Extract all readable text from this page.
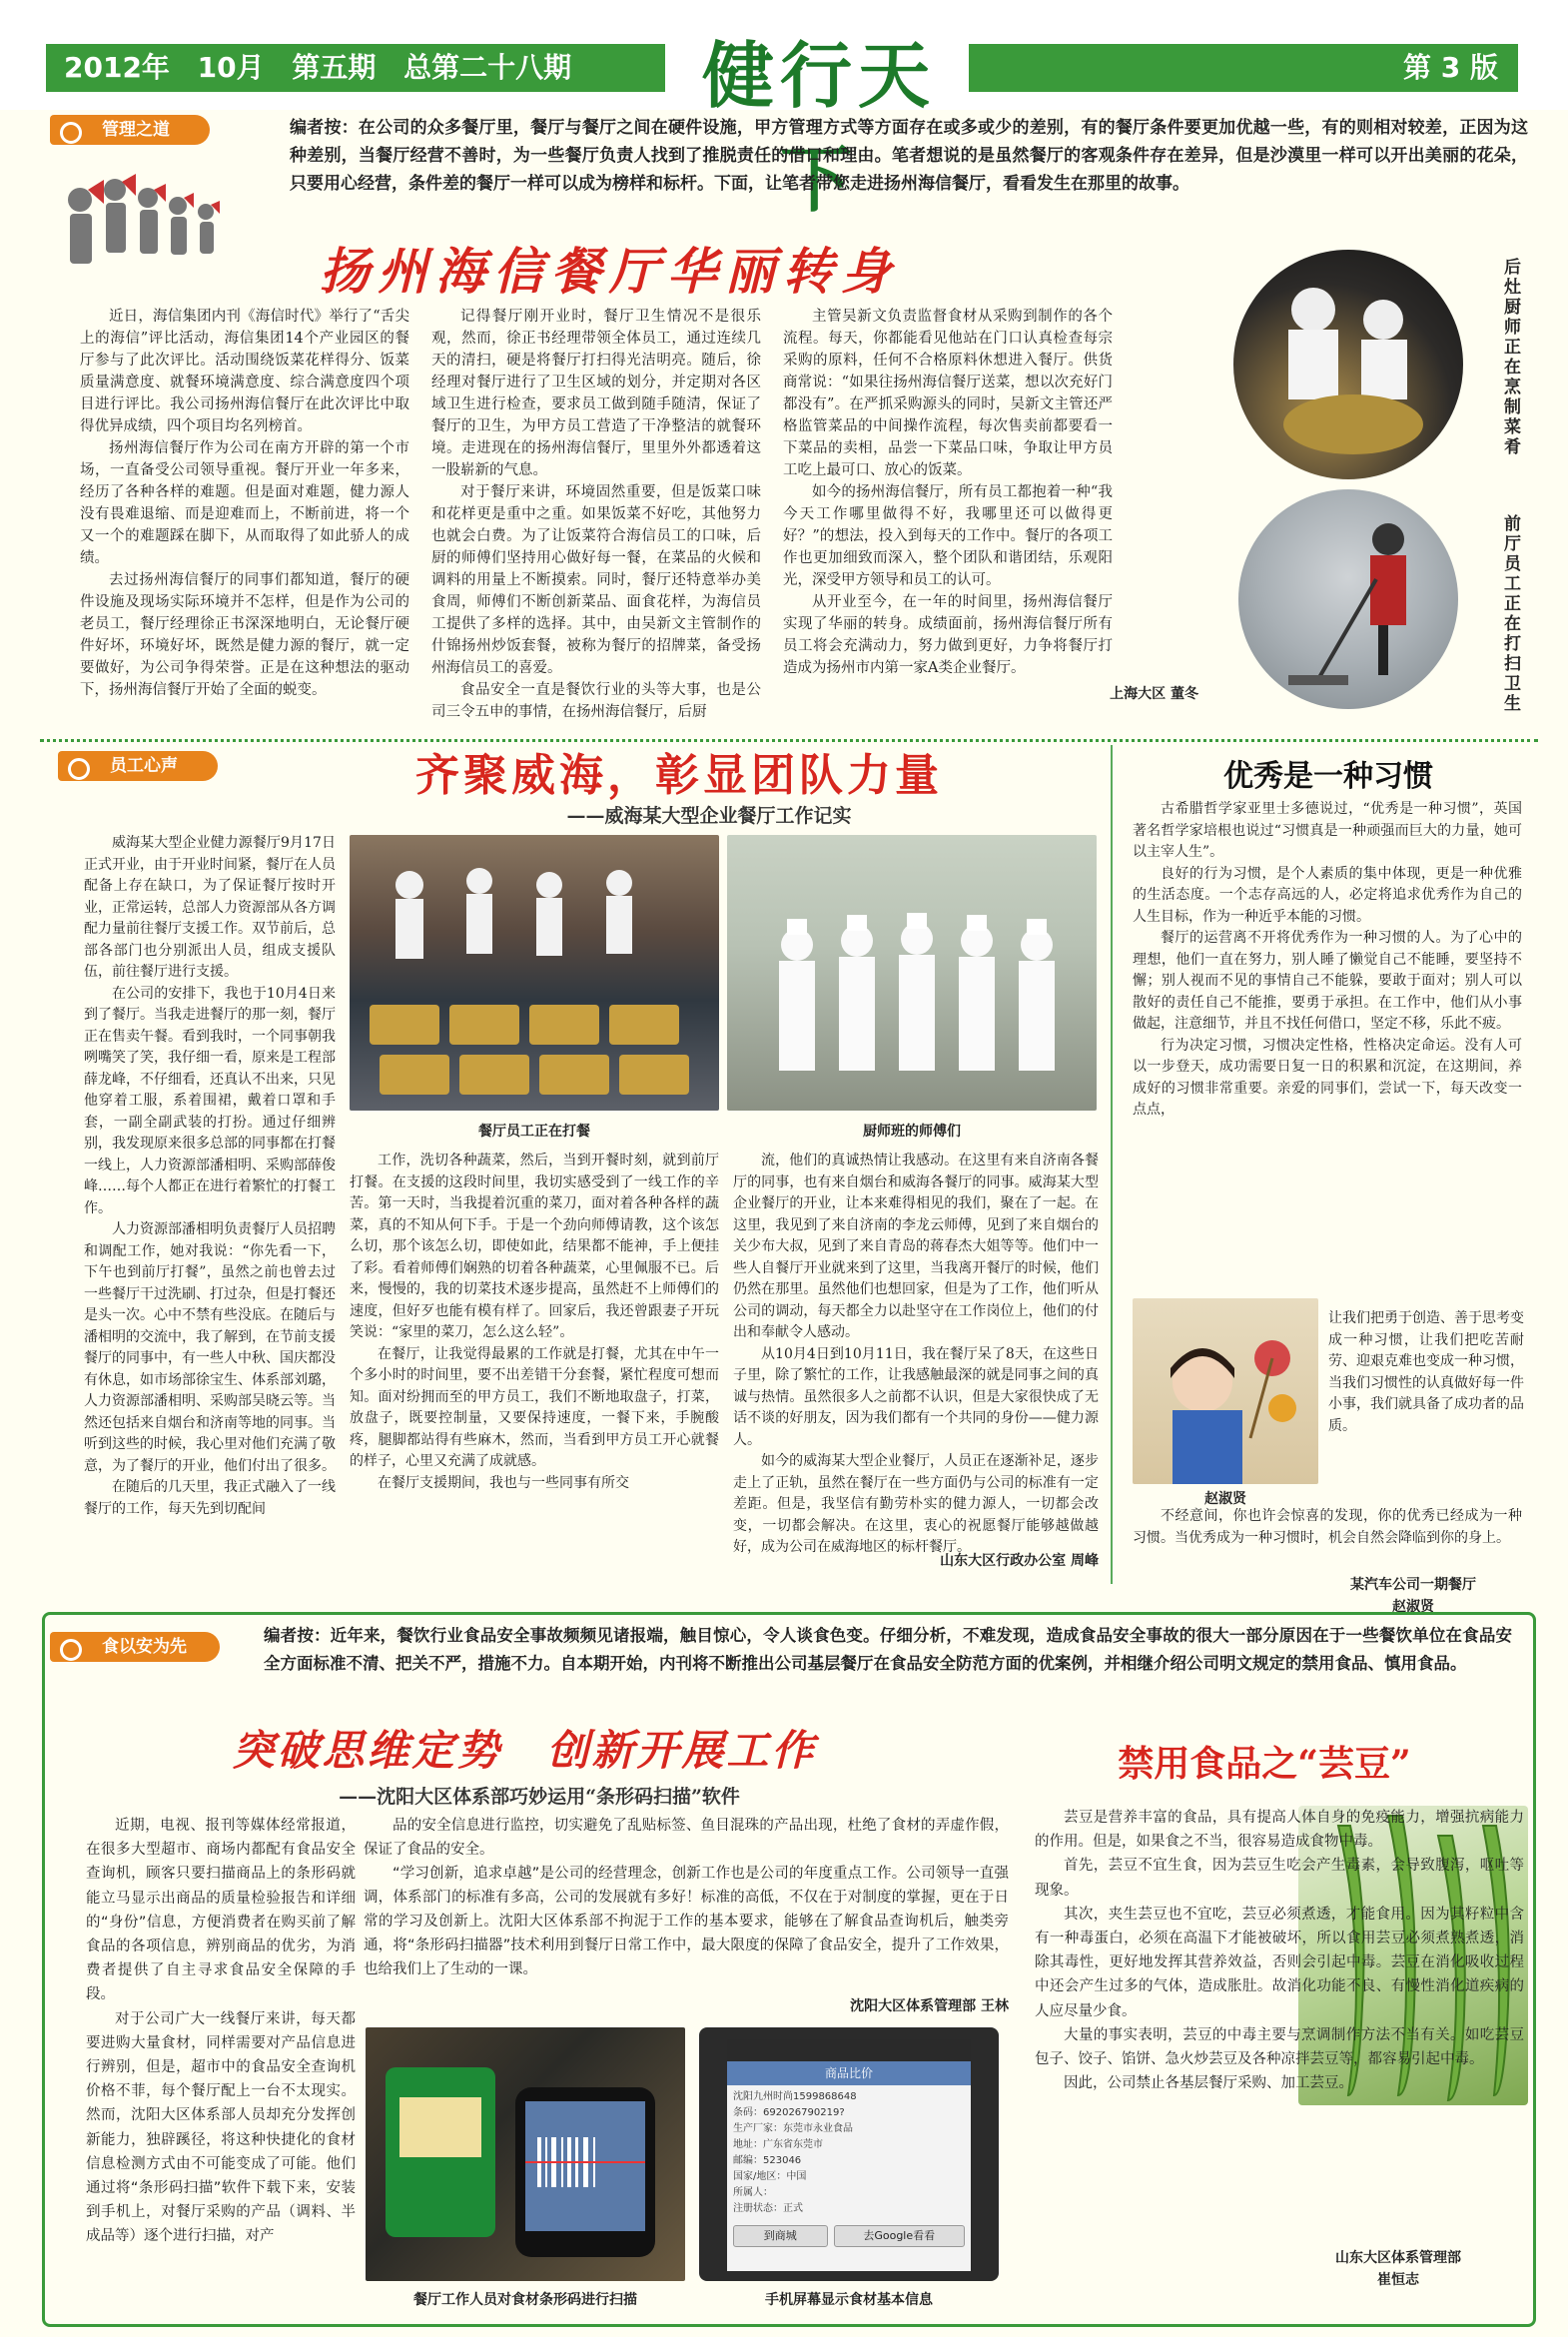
2012年 10月 第五期 总第二十八期	健行天下
第 3 版
管理之道	编者按：在公司的众多餐厅里，餐厅与餐厅之间在硬件设施，甲方管理方式等方面存在或多或少的差别，有的餐厅条件要更加优越一些，有的则相对较差，正因为这种差别，当餐厅经营不善时，为一些餐厅负责人找到了推脱责任的借口和理由。笔者想说的是虽然餐厅的客观条件存在差异，但是沙漠里一样可以开出美丽的花朵，只要用心经营，条件差的餐厅一样可以成为榜样和标杆。下面，让笔者带您走进扬州海信餐厅，看看发生在那里的故事。
扬州海信餐厅华丽转身

近日，海信集团内刊《海信时代》举行了“舌尖上的海信”评比活动，海信集团14个产业园区的餐厅参与了此次评比。活动围绕饭菜花样得分、饭菜质量满意度、就餐环境满意度、综合满意度四个项目进行评比。我公司扬州海信餐厅在此次评比中取得优异成绩，四个项目均名列榜首。

扬州海信餐厅作为公司在南方开辟的第一个市场，一直备受公司领导重视。餐厅开业一年多来，经历了各种各样的难题。但是面对难题，健力源人没有畏难退缩、而是迎难而上，不断前进，将一个又一个的难题踩在脚下，从而取得了如此骄人的成绩。

去过扬州海信餐厅的同事们都知道，餐厅的硬件设施及现场实际环境并不怎样，但是作为公司的老员工，餐厅经理徐正书深深地明白，无论餐厅硬件好坏，环境好坏，既然是健力源的餐厅，就一定要做好，为公司争得荣誉。正是在这种想法的驱动下，扬州海信餐厅开始了全面的蜕变。

记得餐厅刚开业时，餐厅卫生情况不是很乐观，然而，徐正书经理带领全体员工，通过连续几天的清扫，硬是将餐厅打扫得光洁明亮。随后，徐经理对餐厅进行了卫生区域的划分，并定期对各区域卫生进行检查，要求员工做到随手随清，保证了餐厅的卫生，为甲方员工营造了干净整洁的就餐环境。走进现在的扬州海信餐厅，里里外外都透着这一股崭新的气息。

对于餐厅来讲，环境固然重要，但是饭菜口味和花样更是重中之重。如果饭菜不好吃，其他努力也就会白费。为了让饭菜符合海信员工的口味，后厨的师傅们坚持用心做好每一餐，在菜品的火候和调料的用量上不断摸索。同时，餐厅还特意举办美食周，师傅们不断创新菜品、面食花样，为海信员工提供了多样的选择。其中，由吴新文主管制作的什锦扬州炒饭套餐，被称为餐厅的招牌菜，备受扬州海信员工的喜爱。

食品安全一直是餐饮行业的头等大事，也是公司三令五申的事情，在扬州海信餐厅，后厨

主管吴新文负责监督食材从采购到制作的各个流程。每天，你都能看见他站在门口认真检查每宗采购的原料，任何不合格原料休想进入餐厅。供货商常说：“如果往扬州海信餐厅送菜，想以次充好门都没有”。在严抓采购源头的同时，吴新文主管还严格监管菜品的中间操作流程，每次售卖前都要看一下菜品的卖相，品尝一下菜品口味，争取让甲方员工吃上最可口、放心的饭菜。

如今的扬州海信餐厅，所有员工都抱着一种“我今天工作哪里做得不好，我哪里还可以做得更好？”的想法，投入到每天的工作中。餐厅的各项工作也更加细致而深入，整个团队和谐团结，乐观阳光，深受甲方领导和员工的认可。

从开业至今，在一年的时间里，扬州海信餐厅实现了华丽的转身。成绩面前，扬州海信餐厅所有员工将会充满动力，努力做到更好，力争将餐厅打造成为扬州市内第一家A类企业餐厅。

上海大区 董冬
后灶厨师正在烹制菜肴
前厅员工正在打扫卫生
员工心声	齐聚威海，彰显团队力量
——威海某大型企业餐厅工作记实

威海某大型企业健力源餐厅9月17日正式开业，由于开业时间紧，餐厅在人员配备上存在缺口，为了保证餐厅按时开业，正常运转，总部人力资源部从各方调配力量前往餐厅支援工作。双节前后，总部各部门也分别派出人员，组成支援队伍，前往餐厅进行支援。

在公司的安排下，我也于10月4日来到了餐厅。当我走进餐厅的那一刻，餐厅正在售卖午餐。看到我时，一个同事朝我咧嘴笑了笑，我仔细一看，原来是工程部薛龙峰，不仔细看，还真认不出来，只见他穿着工服，系着围裙，戴着口罩和手套，一副全副武装的打扮。通过仔细辨别，我发现原来很多总部的同事都在打餐一线上，人力资源部潘相明、采购部薛俊峰……每个人都正在进行着繁忙的打餐工作。

人力资源部潘相明负责餐厅人员招聘和调配工作，她对我说：“你先看一下，下午也到前厅打餐”，虽然之前也曾去过一些餐厅干过洗刷、打过杂，但是打餐还是头一次。心中不禁有些没底。在随后与潘相明的交流中，我了解到，在节前支援餐厅的同事中，有一些人中秋、国庆都没有休息，如市场部徐宝生、体系部刘璐，人力资源部潘相明、采购部吴晓云等。当然还包括来自烟台和济南等地的同事。当听到这些的时候，我心里对他们充满了敬意，为了餐厅的开业，他们付出了很多。

在随后的几天里，我正式融入了一线餐厅的工作，每天先到切配间

餐厅员工正在打餐	厨师班的师傅们

工作，洗切各种蔬菜，然后，当到开餐时刻，就到前厅打餐。在支援的这段时间里，我切实感受到了一线工作的辛苦。第一天时，当我提着沉重的菜刀，面对着各种各样的蔬菜，真的不知从何下手。于是一个劲向师傅请教，这个该怎么切，那个该怎么切，即使如此，结果都不能神，手上便挂了彩。看着师傅们娴熟的切着各种蔬菜，心里佩服不已。后来，慢慢的，我的切菜技术逐步提高，虽然赶不上师傅们的速度，但好歹也能有模有样了。回家后，我还曾跟妻子开玩笑说：“家里的菜刀，怎么这么轻”。

在餐厅，让我觉得最累的工作就是打餐，尤其在中午一个多小时的时间里，要不出差错干分套餐，紧忙程度可想而知。面对纷拥而至的甲方员工，我们不断地取盘子，打菜，放盘子，既要控制量，又要保持速度，一餐下来，手腕酸疼，腿脚都站得有些麻木，然而，当看到甲方员工开心就餐的样子，心里又充满了成就感。

在餐厅支援期间，我也与一些同事有所交

流，他们的真诚热情让我感动。在这里有来自济南各餐厅的同事，也有来自烟台和威海各餐厅的同事。威海某大型企业餐厅的开业，让本来难得相见的我们，聚在了一起。在这里，我见到了来自济南的李龙云师傅，见到了来自烟台的关少布大叔，见到了来自青岛的蒋春杰大姐等等。他们中一些人自餐厅开业就来到了这里，当我离开餐厅的时候，他们仍然在那里。虽然他们也想回家，但是为了工作，他们听从公司的调动，每天都全力以赴坚守在工作岗位上，他们的付出和奉献令人感动。

从10月4日到10月11日，我在餐厅呆了8天，在这些日子里，除了繁忙的工作，让我感触最深的就是同事之间的真诚与热情。虽然很多人之前都不认识，但是大家很快成了无话不谈的好朋友，因为我们都有一个共同的身份——健力源人。

如今的威海某大型企业餐厅，人员正在逐渐补足，逐步走上了正轨，虽然在餐厅在一些方面仍与公司的标准有一定差距。但是，我坚信有勤劳朴实的健力源人，一切都会改变，一切都会解决。在这里，衷心的祝愿餐厅能够越做越好，成为公司在威海地区的标杆餐厅。

山东大区行政办公室 周峰
优秀是一种习惯

古希腊哲学家亚里士多德说过，“优秀是一种习惯”，英国著名哲学家培根也说过“习惯真是一种顽强而巨大的力量，她可以主宰人生”。

良好的行为习惯，是个人素质的集中体现，更是一种优雅的生活态度。一个志存高远的人，必定将追求优秀作为自己的人生目标，作为一种近乎本能的习惯。

餐厅的运营离不开将优秀作为一种习惯的人。为了心中的理想，他们一直在努力，别人睡了懒觉自己不能睡，要坚持不懈；别人视而不见的事情自己不能躲，要敢于面对；别人可以散好的责任自己不能推，要勇于承担。在工作中，他们从小事做起，注意细节，并且不找任何借口，坚定不移，乐此不疲。

行为决定习惯，习惯决定性格，性格决定命运。没有人可以一步登天，成功需要日复一日的积累和沉淀，在这期间，养成好的习惯非常重要。亲爱的同事们，尝试一下，每天改变一点点，

让我们把勇于创造、善于思考变成一种习惯，让我们把吃苦耐劳、迎艰克难也变成一种习惯，当我们习惯性的认真做好每一件小事，我们就具备了成功者的品质。
赵淑贤
不经意间，你也许会惊喜的发现，你的优秀已经成为一种习惯。当优秀成为一种习惯时，机会自然会降临到你的身上。
某汽车公司一期餐厅
赵淑贤
食以安为先
编者按：近年来，餐饮行业食品安全事故频频见诸报端，触目惊心，令人谈食色变。仔细分析，不难发现，造成食品安全事故的很大一部分原因在于一些餐饮单位在食品安全方面标准不清、把关不严，措施不力。自本期开始，内刊将不断推出公司基层餐厅在食品安全防范方面的优案例，并相继介绍公司明文规定的禁用食品、慎用食品。
突破思维定势　创新开展工作
——沈阳大区体系部巧妙运用“条形码扫描”软件

近期，电视、报刊等媒体经常报道，在很多大型超市、商场内都配有食品安全查询机，顾客只要扫描商品上的条形码就能立马显示出商品的质量检验报告和详细的“身份”信息，方便消费者在购买前了解食品的各项信息，辨别商品的优劣，为消费者提供了自主寻求食品安全保障的手段。

对于公司广大一线餐厅来讲，每天都要进购大量食材，同样需要对产品信息进行辨别，但是，超市中的食品安全查询机价格不菲，每个餐厅配上一台不太现实。然而，沈阳大区体系部人员却充分发挥创新能力，独辟蹊径，将这种快捷化的食材信息检测方式由不可能变成了可能。他们通过将“条形码扫描”软件下载下来，安装到手机上，对餐厅采购的产品（调料、半成品等）逐个进行扫描，对产

品的安全信息进行监控，切实避免了乱贴标签、鱼目混珠的产品出现，杜绝了食材的弄虚作假，保证了食品的安全。

“学习创新，追求卓越”是公司的经营理念，创新工作也是公司的年度重点工作。公司领导一直强调，体系部门的标准有多高，公司的发展就有多好！标准的高低，不仅在于对制度的掌握，更在于日常的学习及创新上。沈阳大区体系部不拘泥于工作的基本要求，能够在了解食品查询机后，触类旁通，将“条形码扫描器”技术利用到餐厅日常工作中，最大限度的保障了食品安全，提升了工作效果，也给我们上了生动的一课。

沈阳大区体系管理部 王林
商品比价
沈阳九州时尚1599868648
条码：692026790219?
生产厂家：东莞市永业食品
地址：广东省东莞市
邮编：523046
国家/地区：中国
所属人：
注册状态：正式
到商城	去Google看看
餐厅工作人员对食材条形码进行扫描	手机屏幕显示食材基本信息
禁用食品之“芸豆”

芸豆是营养丰富的食品，具有提高人体自身的免疫能力，增强抗病能力的作用。但是，如果食之不当，很容易造成食物中毒。

首先，芸豆不宜生食，因为芸豆生吃会产生毒素，会导致腹泻，呕吐等现象。

其次，夹生芸豆也不宜吃，芸豆必须煮透，才能食用。因为其籽粒中含有一种毒蛋白，必须在高温下才能被破坏，所以食用芸豆必须煮熟煮透，消除其毒性，更好地发挥其营养效益，否则会引起中毒。芸豆在消化吸收过程中还会产生过多的气体，造成胀肚。故消化功能不良、有慢性消化道疾病的人应尽量少食。

大量的事实表明，芸豆的中毒主要与烹调制作方法不当有关。如吃芸豆包子、饺子、馅饼、急火炒芸豆及各种凉拌芸豆等，都容易引起中毒。

因此，公司禁止各基层餐厅采购、加工芸豆。

山东大区体系管理部
崔恒志
